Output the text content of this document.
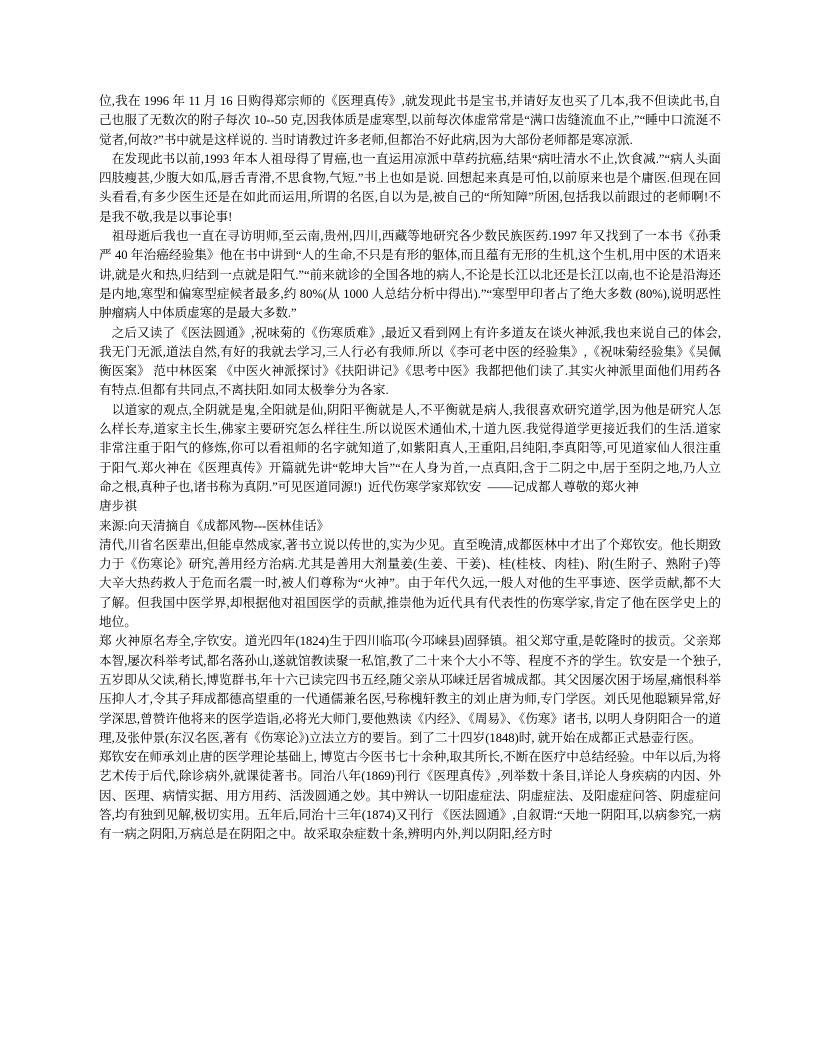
位,我在 1996 年 11 月 16 日购得郑宗师的《医理真传》,就发现此书是宝书,并请好友也买了几本,我不但读此书,自己也服了无数次的附子每次 10--50 克,因我体质是虚寒型,以前每次体虚常常是“满口齿缝流血不止,”“睡中口流涎不觉者,何故?”书中就是这样说的. 当时请教过许多老师,但都治不好此病,因为大部份老师都是寒凉派.

　在发现此书以前,1993 年本人祖母得了胃癌,也一直运用凉派中草药抗癌,结果“病吐清水不止,饮食减.”“病人头面四肢瘦甚,少腹大如瓜,唇舌青滑,不思食物,气短.”书上也如是说. 回想起来真是可怕,以前原来也是个庸医.但现在回头看看,有多少医生还是在如此而运用,所谓的名医,自以为是,被自己的“所知障”所困,包括我以前跟过的老师啊!不是我不敬,我是以事论事!

　祖母逝后我也一直在寻访明师,至云南,贵州,四川,西藏等地研究各少数民族医药.1997 年又找到了一本书《孙秉严 40 年治癌经验集》他在书中讲到“人的生命,不只是有形的躯体,而且蕴有无形的生机,这个生机,用中医的术语来讲,就是火和热,归结到一点就是阳气.”“前来就诊的全国各地的病人,不论是长江以北还是长江以南,也不论是沿海还是内地,寒型和偏寒型症候者最多,约 80%(从 1000 人总结分析中得出).”“寒型甲印者占了绝大多数 (80%),说明恶性肿瘤病人中体质虚寒的是最大多数.”

　之后又读了《医法圆通》,祝味菊的《伤寒质难》,最近又看到网上有许多道友在谈火神派,我也来说自己的体会,我无门无派,道法自然,有好的我就去学习,三人行必有我师.所以《李可老中医的经验集》,《祝味菊经验集》《吴佩衡医案》 范中林医案 《中医火神派探讨》《扶阳讲记》《思考中医》我都把他们读了.其实火神派里面他们用药各有特点.但都有共同点,不离扶阳.如同太极拳分为各家.

　以道家的观点,全阴就是鬼,全阳就是仙,阴阳平衡就是人,不平衡就是病人,我很喜欢研究道学,因为他是研究人怎么样长寿,道家主长生,佛家主要研究怎么样往生.所以说医术通仙术,十道九医.我觉得道学更接近我们的生活.道家非常注重于阳气的修炼,你可以看祖师的名字就知道了,如紫阳真人,王重阳,吕纯阳,李真阳等,可见道家仙人很注重于阳气.郑火神在《医理真传》开篇就先讲“乾坤大旨”“在人身为首,一点真阳,含于二阴之中,居于至阴之地,乃人立命之根,真种子也,诸书称为真阴.”可见医道同源!)  近代伤寒学家郑钦安  ——记成都人尊敬的郑火神

唐步祺

来源:向天清摘自《成都风物---医林佳话》

清代,川省名医辈出,但能卓然成家,著书立说以传世的,实为少见。直至晚清,成都医林中才出了个郑钦安。他长期致力于《伤寒论》研究,善用经方治病.尤其是善用大剂量姜(生姜、干姜)、桂(桂枝、肉桂)、附(生附子、熟附子)等大辛大热药救人于危而名震一时,被人们尊称为“火神”。由于年代久远,一般人对他的生平事迹、医学贡献,都不大了解。但我国中医学界,却根据他对祖国医学的贡献,推崇他为近代具有代表性的伤寒学家,肯定了他在医学史上的地位。

郑 火神原名寿全,字钦安。道光四年(1824)生于四川临邛(今邛崃县)固驿镇。祖父郑守重,是乾隆时的拔贡。父亲郑本智,屡次科举考试,都名落孙山,遂就馆教读聚一私馆,教了二十来个大小不等、程度不齐的学生。钦安是一个独子,五岁即从父读,稍长,博览群书,年十六已读完四书五经,随父亲从邛崃迁居省城成都。其父因屡次困于场屋,痛恨科举压抑人才,令其子拜成都德高望重的一代通儒兼名医,号称槐轩教主的刘止唐为师,专门学医。刘氏见他聪颖异常,好学深思,曾赞许他将来的医学造诣,必将光大师门,要他熟读《内经》、《周易》、《伤寒》诸书, 以明人身阴阳合一的道理,及张仲景(东汉名医,著有《伤寒论》)立法立方的要旨。到了二十四岁(1848)时, 就开始在成都正式悬壶行医。

郑钦安在师承刘止唐的医学理论基础上, 博览古今医书七十余种,取其所长,不断在医疗中总结经验。中年以后,为将艺术传于后代,除诊病外,就课徒著书。同治八年(1869)刊行《医理真传》,列举数十条目,详论人身疾病的内因、外因、医理、病情实据、用方用药、活泼圆通之妙。其中辨认一切阳虚症法、阴虚症法、及阳虚症问答、阴虚症问答,均有独到见解,极切实用。五年后,同治十三年(1874)又刊行 《医法圆通》,自叙谓:“天地一阴阳耳,以病参究,一病有一病之阴阳,万病总是在阴阳之中。故采取杂症数十条,辨明内外,判以阴阳,经方时
